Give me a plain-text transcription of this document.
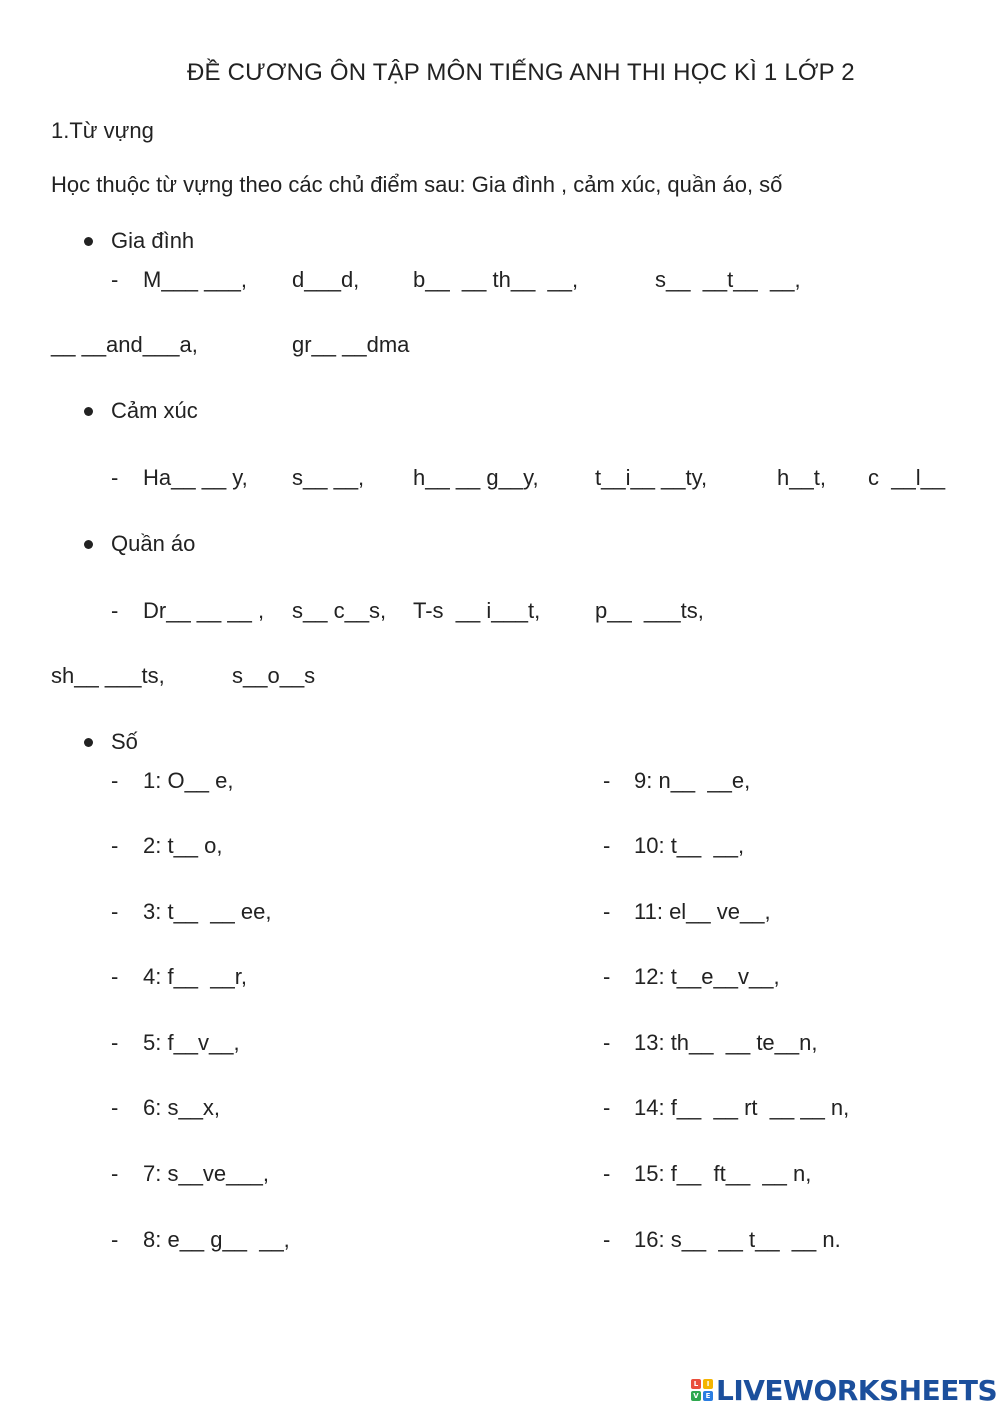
ĐỀ CƯƠNG ÔN TẬP MÔN TIẾNG ANH THI HỌC KÌ 1 LỚP 2
1.Từ vựng
Học thuộc từ vựng theo các chủ điểm sau: Gia đình , cảm xúc, quần áo, số
Gia đình
- M___ ___, d___d, b__  __ th__  __,	s__  __t__  __,
__ __and___a,	gr__ __dma
Cảm xúc
- Ha__ __ y, s__ __, h__ __ g__y,	t__i__ __ty,	h__t, c  __l__
Quần áo
- Dr__ __ __ , s__ c__s, T-s  __ i___t, p__  ___ts,
sh__ ___ts,	s__o__s
Số
- 1: O__ e,
- 2: t__ o,
- 3: t__  __ ee,
- 4: f__  __r,
- 5: f__v__,
- 6: s__x,
- 7: s__ve___,
- 8: e__ g__  __,
- 9: n__  __e,
- 10: t__  __,
- 11: el__ ve__,
- 12: t__e__v__,
- 13: th__  __ te__n,
- 14: f__  __ rt  __ __ n,
- 15: f__  ft__  __ n,
- 16: s__  __ t__  __ n.
L	I
V E LIVEWORKSHEETS
